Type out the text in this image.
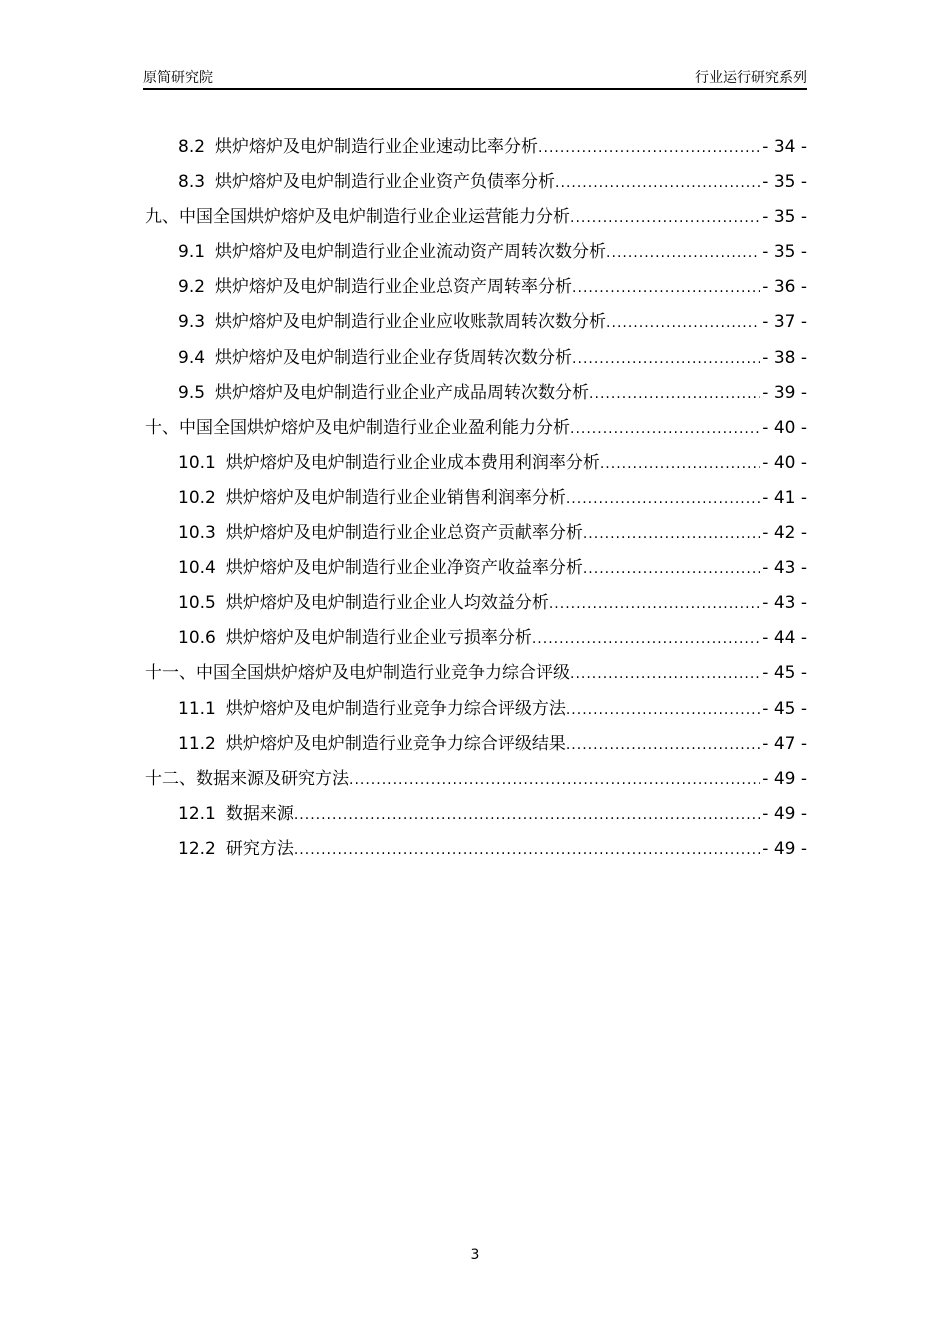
原简研究院	行业运行研究系列
8.2 烘炉熔炉及电炉制造行业企业速动比率分析 .....	- 34 -
8.3 烘炉熔炉及电炉制造行业企业资产负债率分析 .....	- 35 -
九、中国全国烘炉熔炉及电炉制造行业企业运营能力分析 .....	- 35 -
9.1 烘炉熔炉及电炉制造行业企业流动资产周转次数分析 .....	- 35 -
9.2 烘炉熔炉及电炉制造行业企业总资产周转率分析 .....	- 36 -
9.3 烘炉熔炉及电炉制造行业企业应收账款周转次数分析 .....	- 37 -
9.4 烘炉熔炉及电炉制造行业企业存货周转次数分析 .....	- 38 -
9.5 烘炉熔炉及电炉制造行业企业产成品周转次数分析 .....	- 39 -
十、中国全国烘炉熔炉及电炉制造行业企业盈利能力分析 .....	- 40 -
10.1 烘炉熔炉及电炉制造行业企业成本费用利润率分析 .....	- 40 -
10.2 烘炉熔炉及电炉制造行业企业销售利润率分析 .....	- 41 -
10.3 烘炉熔炉及电炉制造行业企业总资产贡献率分析 .....	- 42 -
10.4 烘炉熔炉及电炉制造行业企业净资产收益率分析 .....	- 43 -
10.5 烘炉熔炉及电炉制造行业企业人均效益分析 .....	- 43 -
10.6 烘炉熔炉及电炉制造行业企业亏损率分析 .....	- 44 -
十一、中国全国烘炉熔炉及电炉制造行业竞争力综合评级 .....	- 45 -
11.1 烘炉熔炉及电炉制造行业竞争力综合评级方法 .....	- 45 -
11.2 烘炉熔炉及电炉制造行业竞争力综合评级结果 .....	- 47 -
十二、数据来源及研究方法 .....	- 49 -
12.1 数据来源 .....	- 49 -
12.2 研究方法 .....	- 49 -
3
